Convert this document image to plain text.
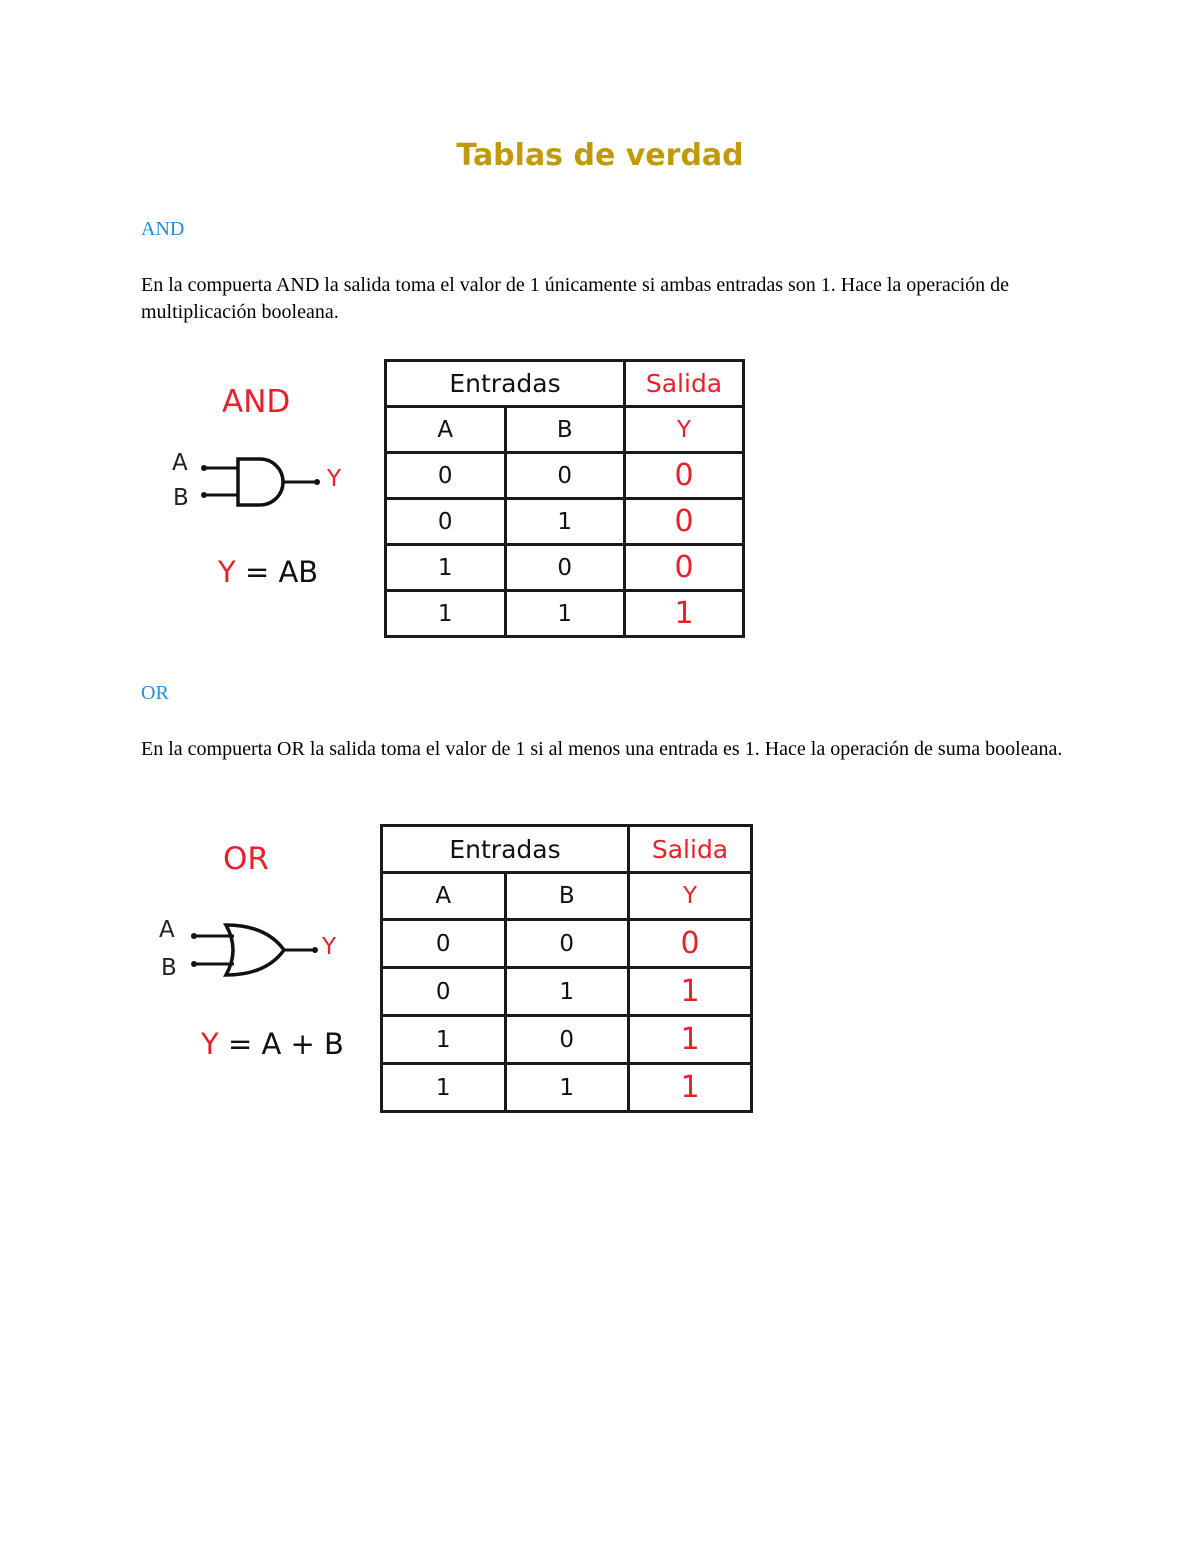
Tablas de verdad
AND
En la compuerta AND la salida toma el valor de 1 únicamente si ambas entradas son 1. Hace la operación de multiplicación booleana.
AND
A
B
Y
Y = AB
Entradas		Salida
A	B	Y
0	0	0
0	1	0
1	0	0
1	1	1
OR
En la compuerta OR la salida toma el valor de 1 si al menos una entrada es 1. Hace la operación de suma booleana.
OR
A
B
Y
Y = A + B
Entradas		Salida
A	B	Y
0	0	0
0	1	1
1	0	1
1	1	1
